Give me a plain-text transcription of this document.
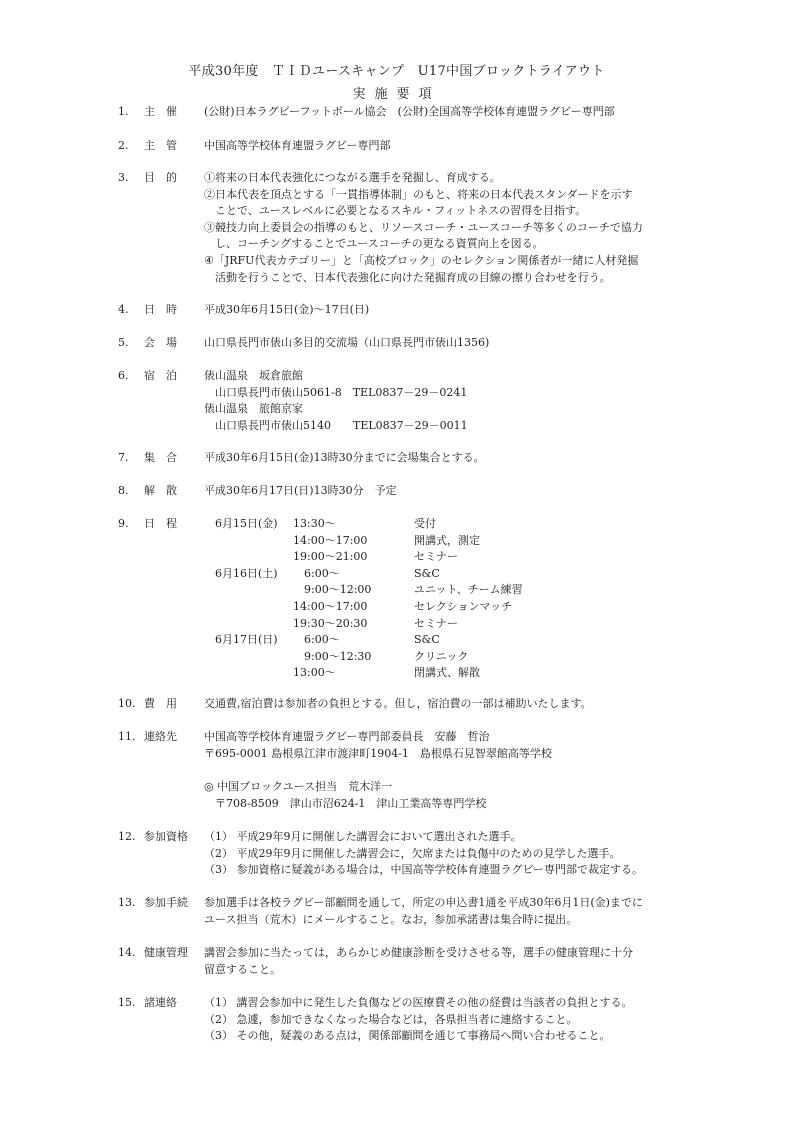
平成30年度　ＴＩＤユースキャンプ　U17中国ブロックトライアウト
実施要項
1.	主　催 (公財)日本ラグビーフットボール協会　(公財)全国高等学校体育連盟ラグビー専門部
2.	主　管 中国高等学校体育連盟ラグビー専門部
3.	目　的 ①将来の日本代表強化につながる選手を発掘し、育成する。
②日本代表を頂点とする「一貫指導体制」のもと、将来の日本代表スタンダードを示す
　ことで、ユースレベルに必要となるスキル・フィットネスの習得を目指す。
③競技力向上委員会の指導のもと、リソースコーチ・ユースコーチ等多くのコーチで協力
　し、コーチングすることでユースコーチの更なる資質向上を図る。
④「JRFU代表カテゴリー」と「高校ブロック」のセレクション関係者が一緒に人材発掘
　活動を行うことで、日本代表強化に向けた発掘育成の目線の擦り合わせを行う。
4.	日　時 平成30年6月15日(金)～17日(日)
5.	会　場 山口県長門市俵山多目的交流場（山口県長門市俵山1356)
6.	宿　泊 俵山温泉　坂倉旅館
　山口県長門市俵山5061-8　TEL0837－29－0241
俵山温泉　旅館京家
　山口県長門市俵山5140　　TEL0837－29－0011
7.	集　合 平成30年6月15日(金)13時30分までに会場集合とする。
8.	解　散 平成30年6月17日(日)13時30分　予定
9.	日　程
10. 費　用 交通費,宿泊費は参加者の負担とする。但し，宿泊費の一部は補助いたします。
11. 連絡先 中国高等学校体育連盟ラグビー専門部委員長　安藤　哲治
〒695-0001 島根県江津市渡津町1904-1　島根県石見智翠館高等学校
◎ 中国ブロックユース担当　荒木洋一
　〒708-8509　津山市沼624-1　津山工業高等専門学校
12. 参加資格 （1） 平成29年9月に開催した講習会において選出された選手。
（2） 平成29年9月に開催した講習会に，欠席または負傷中のための見学した選手。
（3） 参加資格に疑義がある場合は，中国高等学校体育連盟ラグビー専門部で裁定する。
13. 参加手続 参加選手は各校ラグビー部顧問を通して，所定の申込書1通を平成30年6月1日(金)までに
ユース担当（荒木）にメールすること。なお，参加承諾書は集合時に提出。
14. 健康管理 講習会参加に当たっては，あらかじめ健康診断を受けさせる等，選手の健康管理に十分
留意すること。
15. 諸連絡 （1） 講習会参加中に発生した負傷などの医療費その他の経費は当該者の負担とする。
（2） 急遽，参加できなくなった場合などは，各県担当者に連絡すること。
（3） その他，疑義のある点は，関係部顧問を通じて事務局へ問い合わせること。
6月15日(金) 13:30～	受付
14:00～17:00	開講式，測定
19:00～21:00	セミナー
6月16日(土) 　6:00～	S&C
　9:00～12:00	ユニット、チーム練習
14:00～17:00	セレクションマッチ
19:30～20:30	セミナー
6月17日(日) 　6:00～	S&C
　9:00～12:30	クリニック
13:00～	閉講式、解散
